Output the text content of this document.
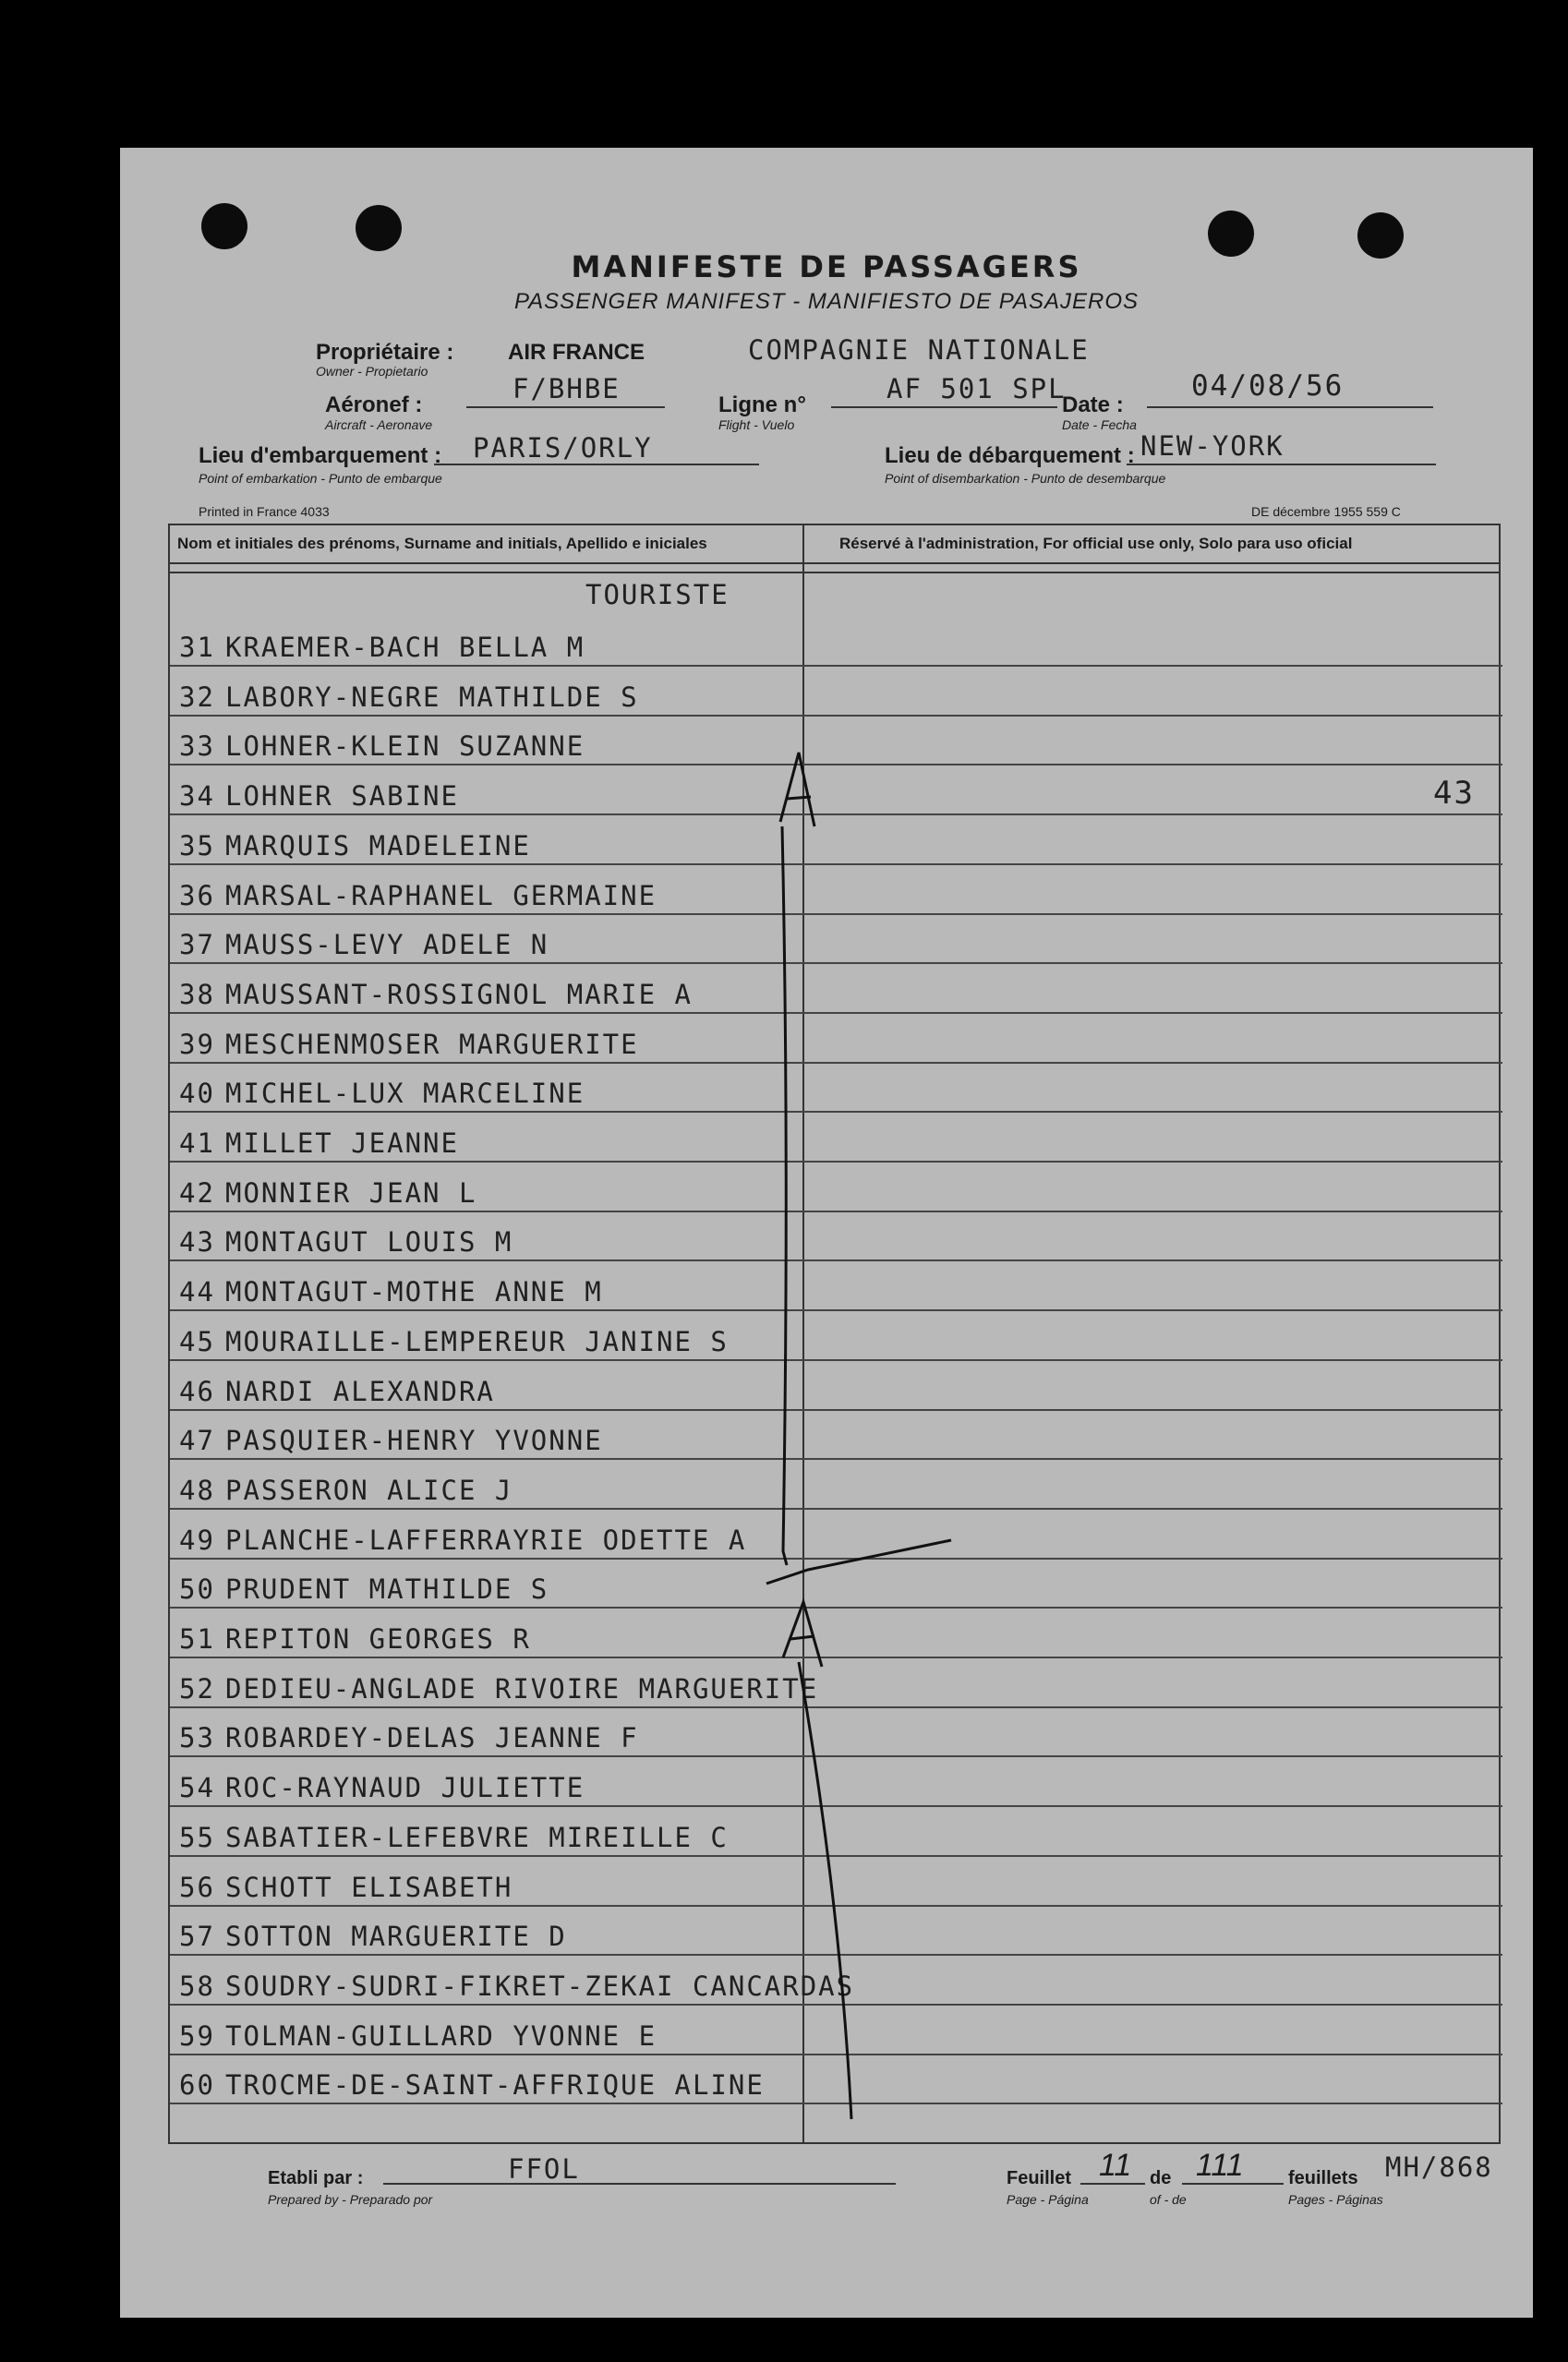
MANIFESTE DE PASSAGERS
PASSENGER MANIFEST - MANIFIESTO DE PASAJEROS
Propriétaire :
Owner - Propietario
AIR FRANCE	COMPAGNIE NATIONALE
Aéronef :
Aircraft - Aeronave
F/BHBE
Ligne n°
Flight - Vuelo
AF 501 SPL
Date :
Date - Fecha
04/08/56
Lieu d'embarquement :
Point of embarkation - Punto de embarque
PARIS/ORLY	Lieu de débarquement :
Point of disembarkation - Punto de desembarque
NEW-YORK
Printed in France 4033	DE décembre 1955 559 C
Nom et initiales des prénoms, Surname and initials, Apellido e iniciales	Réservé à l'administration, For official use only, Solo para uso oficial
TOURISTE
31 KRAEMER-BACH BELLA M
32 LABORY-NEGRE MATHILDE S
33 LOHNER-KLEIN SUZANNE
34 LOHNER SABINE	43
35 MARQUIS MADELEINE
36 MARSAL-RAPHANEL GERMAINE
37 MAUSS-LEVY ADELE N
38 MAUSSANT-ROSSIGNOL MARIE A
39 MESCHENMOSER MARGUERITE
40 MICHEL-LUX MARCELINE
41 MILLET JEANNE
42 MONNIER JEAN L
43 MONTAGUT LOUIS M
44 MONTAGUT-MOTHE ANNE M
45 MOURAILLE-LEMPEREUR JANINE S
46 NARDI ALEXANDRA
47 PASQUIER-HENRY YVONNE
48 PASSERON ALICE J
49 PLANCHE-LAFFERRAYRIE ODETTE A
50 PRUDENT MATHILDE S
51 REPITON GEORGES R
52 DEDIEU-ANGLADE RIVOIRE MARGUERITE
53 ROBARDEY-DELAS JEANNE F
54 ROC-RAYNAUD JULIETTE
55 SABATIER-LEFEBVRE MIREILLE C
56 SCHOTT ELISABETH
57 SOTTON MARGUERITE D
58 SOUDRY-SUDRI-FIKRET-ZEKAI CANCARDAS
59 TOLMAN-GUILLARD YVONNE E
60 TROCME-DE-SAINT-AFFRIQUE ALINE
Etabli par :
Prepared by - Preparado por
FFOL	Feuillet
Page - Página
11 de
of - de
111 feuillets
Pages - Páginas
MH/868
